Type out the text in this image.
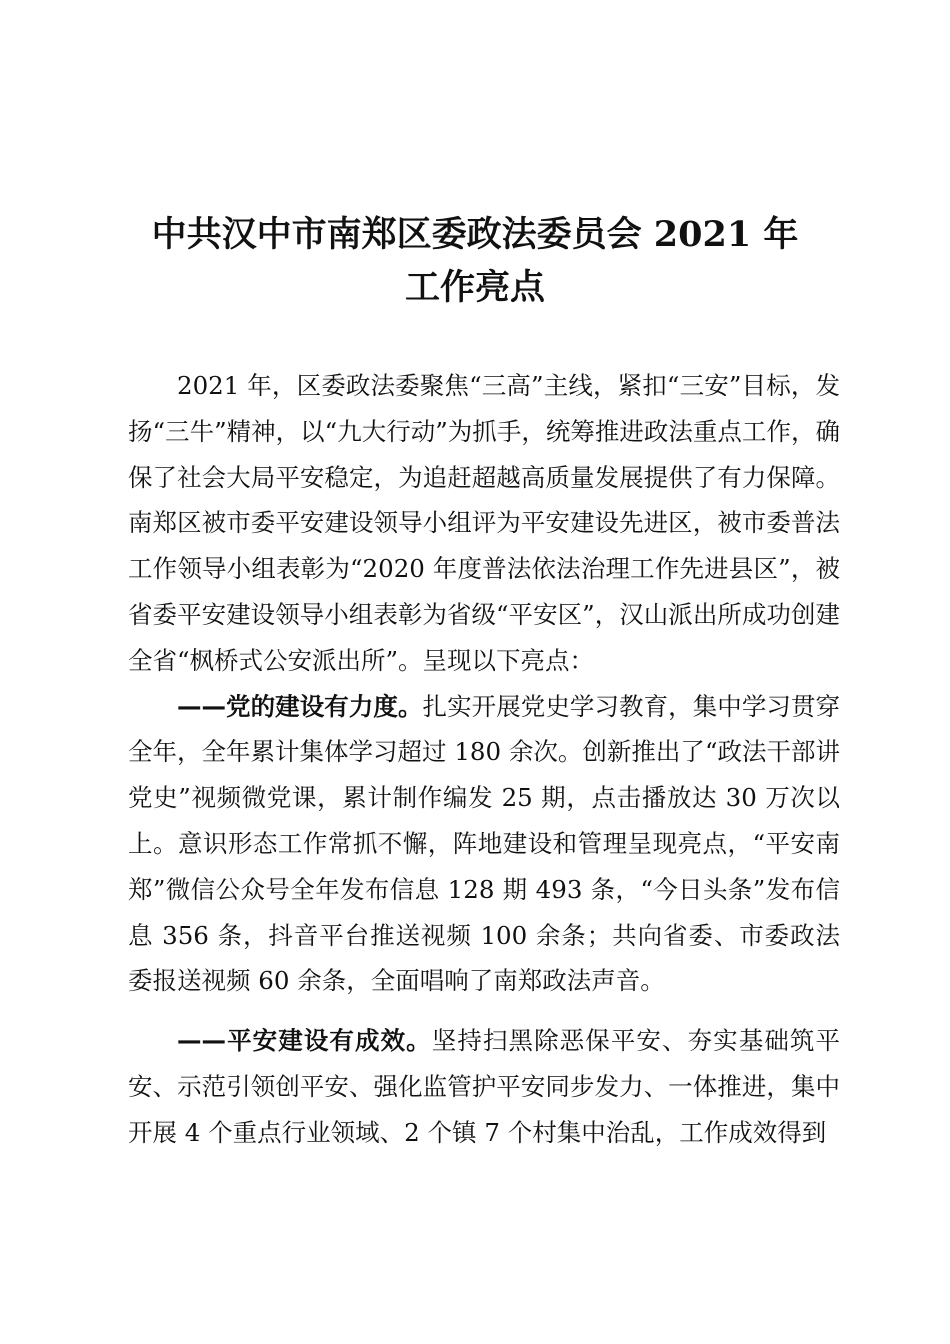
中共汉中市南郑区委政法委员会 2021 年
工作亮点

2021 年，区委政法委聚焦“三高”主线，紧扣“三安”目标，发扬“三牛”精神，以“九大行动”为抓手，统筹推进政法重点工作，确保了社会大局平安稳定，为追赶超越高质量发展提供了有力保障。南郑区被市委平安建设领导小组评为平安建设先进区，被市委普法工作领导小组表彰为“2020 年度普法依法治理工作先进县区”，被省委平安建设领导小组表彰为省级“平安区”，汉山派出所成功创建全省“枫桥式公安派出所”。呈现以下亮点：

——党的建设有力度。扎实开展党史学习教育，集中学习贯穿全年，全年累计集体学习超过 180 余次。创新推出了“政法干部讲党史”视频微党课，累计制作编发 25 期，点击播放达 30 万次以上。意识形态工作常抓不懈，阵地建设和管理呈现亮点，“平安南郑”微信公众号全年发布信息 128 期 493 条，“今日头条”发布信息 356 条，抖音平台推送视频 100 余条；共向省委、市委政法委报送视频 60 余条，全面唱响了南郑政法声音。

——平安建设有成效。坚持扫黑除恶保平安、夯实基础筑平安、示范引领创平安、强化监管护平安同步发力、一体推进，集中开展 4 个重点行业领域、2 个镇 7 个村集中治乱，工作成效得到
